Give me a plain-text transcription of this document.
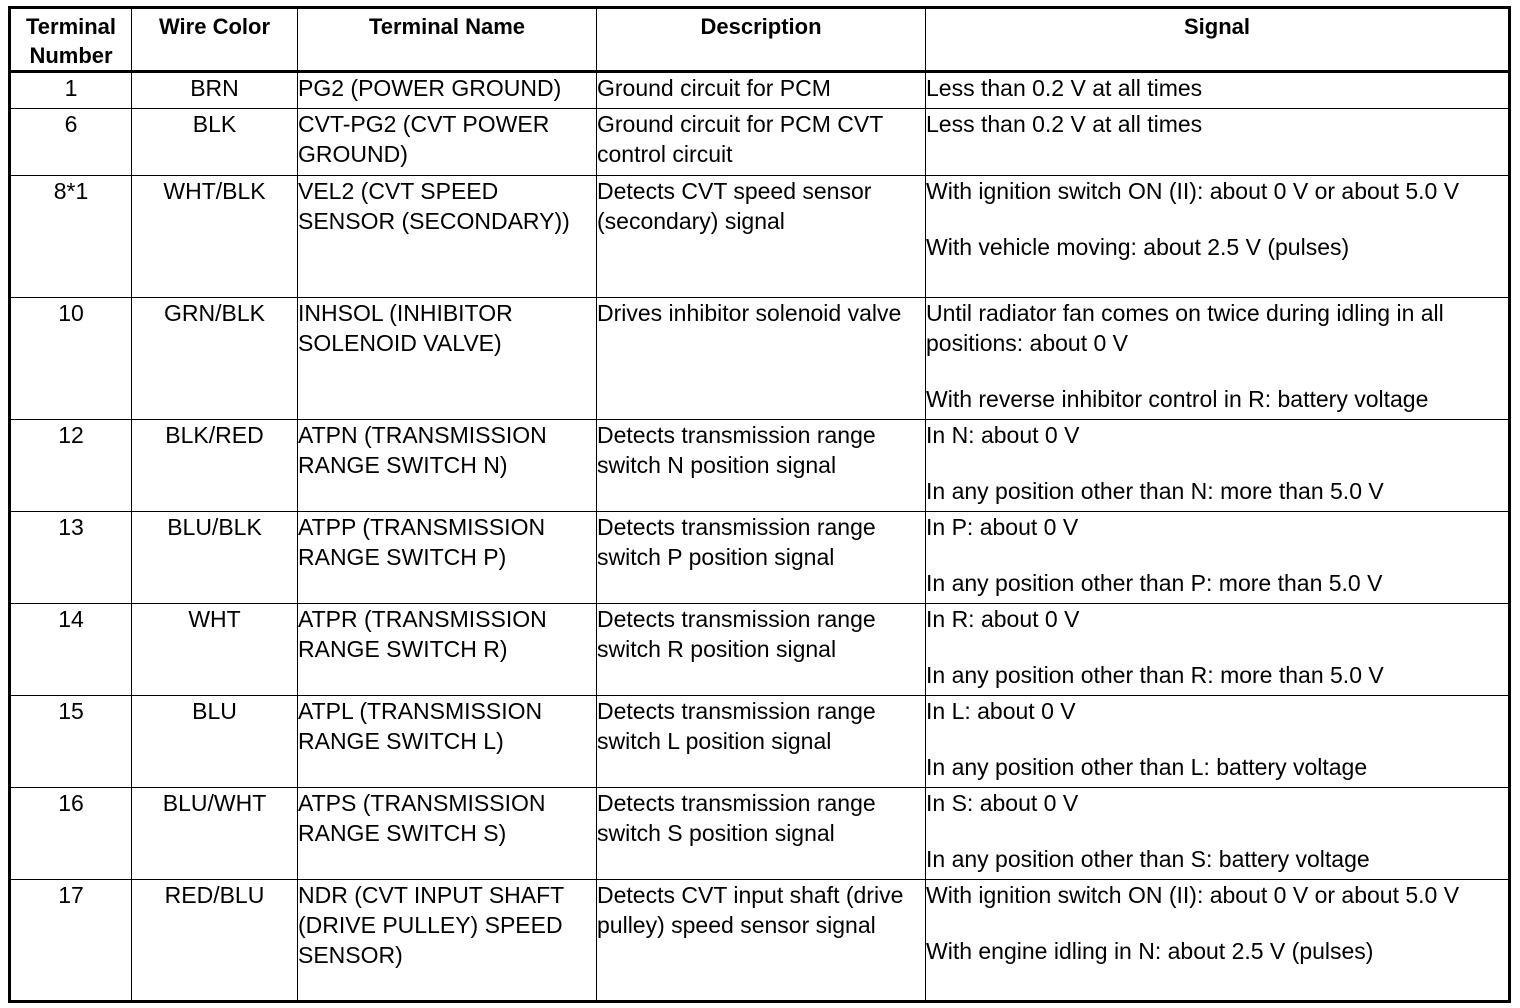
Terminal
Number	Wire Color	Terminal Name	Description	Signal
1	BRN	PG2 (POWER GROUND)	Ground circuit for PCM	Less than 0.2 V at all times

6	BLK	CVT-PG2 (CVT POWER GROUND)	Ground circuit for PCM CVT control circuit	Less than 0.2 V at all times

8*1	WHT/BLK	VEL2 (CVT SPEED SENSOR (SECONDARY))	Detects CVT speed sensor (secondary) signal	With ignition switch ON (II): about 0 V or about 5.0 V
With vehicle moving: about 2.5 V (pulses)

10	GRN/BLK	INHSOL (INHIBITOR SOLENOID VALVE)	Drives inhibitor solenoid valve	Until radiator fan comes on twice during idling in all positions: about 0 V
With reverse inhibitor control in R: battery voltage

12	BLK/RED	ATPN (TRANSMISSION RANGE SWITCH N)	Detects transmission range switch N position signal	In N: about 0 V
In any position other than N: more than 5.0 V

13	BLU/BLK	ATPP (TRANSMISSION RANGE SWITCH P)	Detects transmission range switch P position signal	In P: about 0 V
In any position other than P: more than 5.0 V

14	WHT	ATPR (TRANSMISSION RANGE SWITCH R)	Detects transmission range switch R position signal	In R: about 0 V
In any position other than R: more than 5.0 V

15	BLU	ATPL (TRANSMISSION RANGE SWITCH L)	Detects transmission range switch L position signal	In L: about 0 V
In any position other than L: battery voltage

16	BLU/WHT	ATPS (TRANSMISSION RANGE SWITCH S)	Detects transmission range switch S position signal	In S: about 0 V
In any position other than S: battery voltage

17	RED/BLU	NDR (CVT INPUT SHAFT (DRIVE PULLEY) SPEED SENSOR)	Detects CVT input shaft (drive pulley) speed sensor signal	With ignition switch ON (II): about 0 V or about 5.0 V
With engine idling in N: about 2.5 V (pulses)
